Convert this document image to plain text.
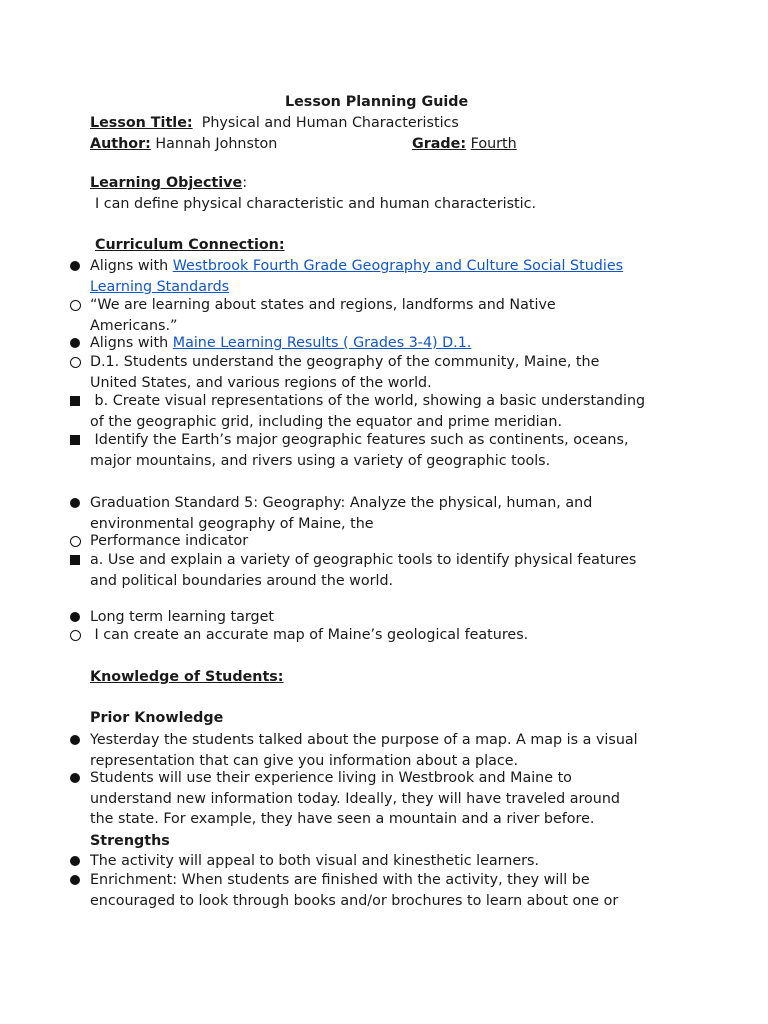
Lesson Planning Guide
Lesson Title: Physical and Human Characteristics
Author: Hannah Johnston	Grade: Fourth
Learning Objective:
I can define physical characteristic and human characteristic.
Curriculum Connection:
Aligns with Westbrook Fourth Grade Geography and Culture Social Studies
Learning Standards
“We are learning about states and regions, landforms and Native
Americans.”
Aligns with Maine Learning Results ( Grades 3-4) D.1.
D.1. Students understand the geography of the community, Maine, the
United States, and various regions of the world.
b. Create visual representations of the world, showing a basic understanding
of the geographic grid, including the equator and prime meridian.
Identify the Earth’s major geographic features such as continents, oceans,
major mountains, and rivers using a variety of geographic tools.
Graduation Standard 5: Geography: Analyze the physical, human, and
environmental geography of Maine, the
Performance indicator
a. Use and explain a variety of geographic tools to identify physical features
and political boundaries around the world.
Long term learning target
I can create an accurate map of Maine’s geological features.
Knowledge of Students:
Prior Knowledge
Yesterday the students talked about the purpose of a map. A map is a visual
representation that can give you information about a place.
Students will use their experience living in Westbrook and Maine to
understand new information today. Ideally, they will have traveled around
the state. For example, they have seen a mountain and a river before.
Strengths
The activity will appeal to both visual and kinesthetic learners.
Enrichment: When students are finished with the activity, they will be
encouraged to look through books and/or brochures to learn about one or
